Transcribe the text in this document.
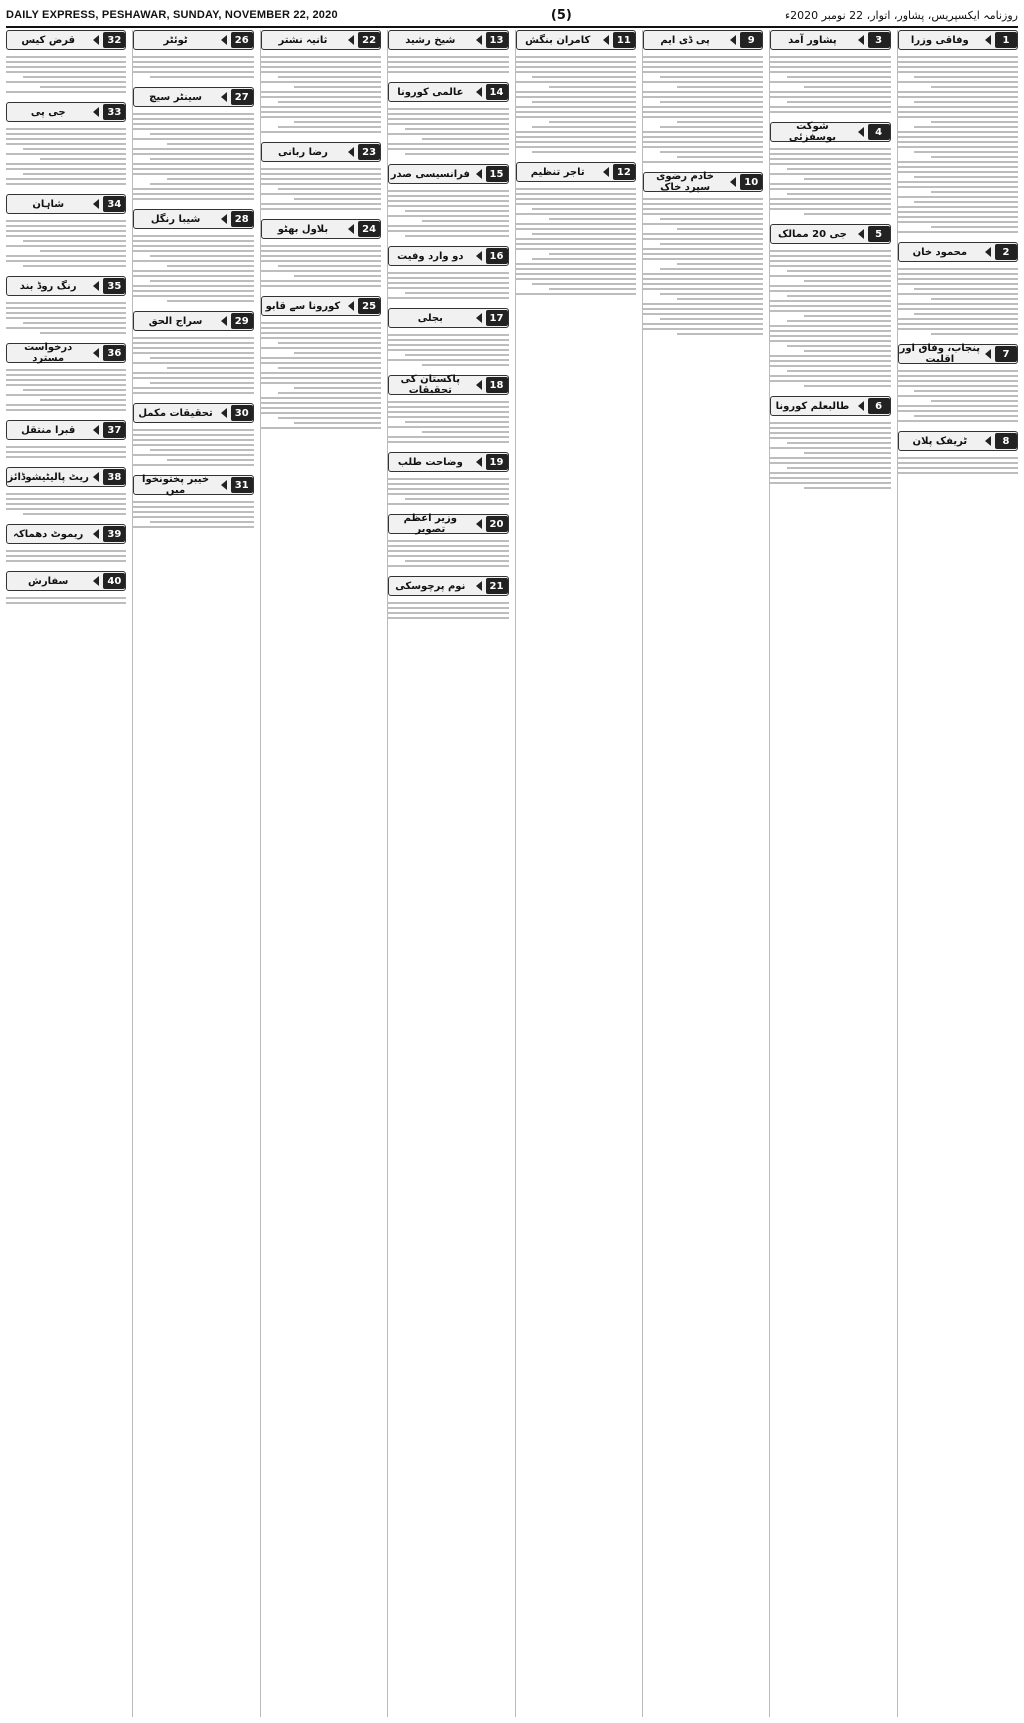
DAILY EXPRESS, PESHAWAR, SUNDAY, NOVEMBER 22, 2020	(5)	روزنامہ ایکسپریس، پشاور، اتوار، 22 نومبر 2020ء
1
وفاقی وزرا
2
محمود خان
7
پنجاب، وفاق اور اقلیت
8
ٹریفک پلان
3
پشاور آمد
4
شوکت یوسفزئی
5
جی 20 ممالک
6
طالبعلم کورونا
9
پی ڈی ایم
10
خادم رضوی سپرد خاک
11
کامران بنگش
12
تاجر تنظیم
13
شیخ رشید
14
عالمی کورونا
15
فرانسیسی صدر
16
دو وارد وفیت
17
بجلی
18
پاکستان کی تحقیقات
19
وضاحت طلب
20
وزیر اعظم تصویر
21
نوم پرچوسکی
22
ثانیہ نشتر
23
رضا ربانی
24
بلاول بھٹو
25
کورونا سے قابو
26
ٹوئٹر
27
سینٹر سیچ
28
شیبا رنگل
29
سراج الحق
30
تحقیقات مکمل
31
خیبر پختونخوا میں
32
قرض کیس
33
جی پی
34
شاہان
35
رنگ روڈ بند
36
درخواست مسترد
37
قبرا منتقل
38
ریٹ پالیٹیشوڈائز
39
ریموٹ دھماکہ
40
سفارش
